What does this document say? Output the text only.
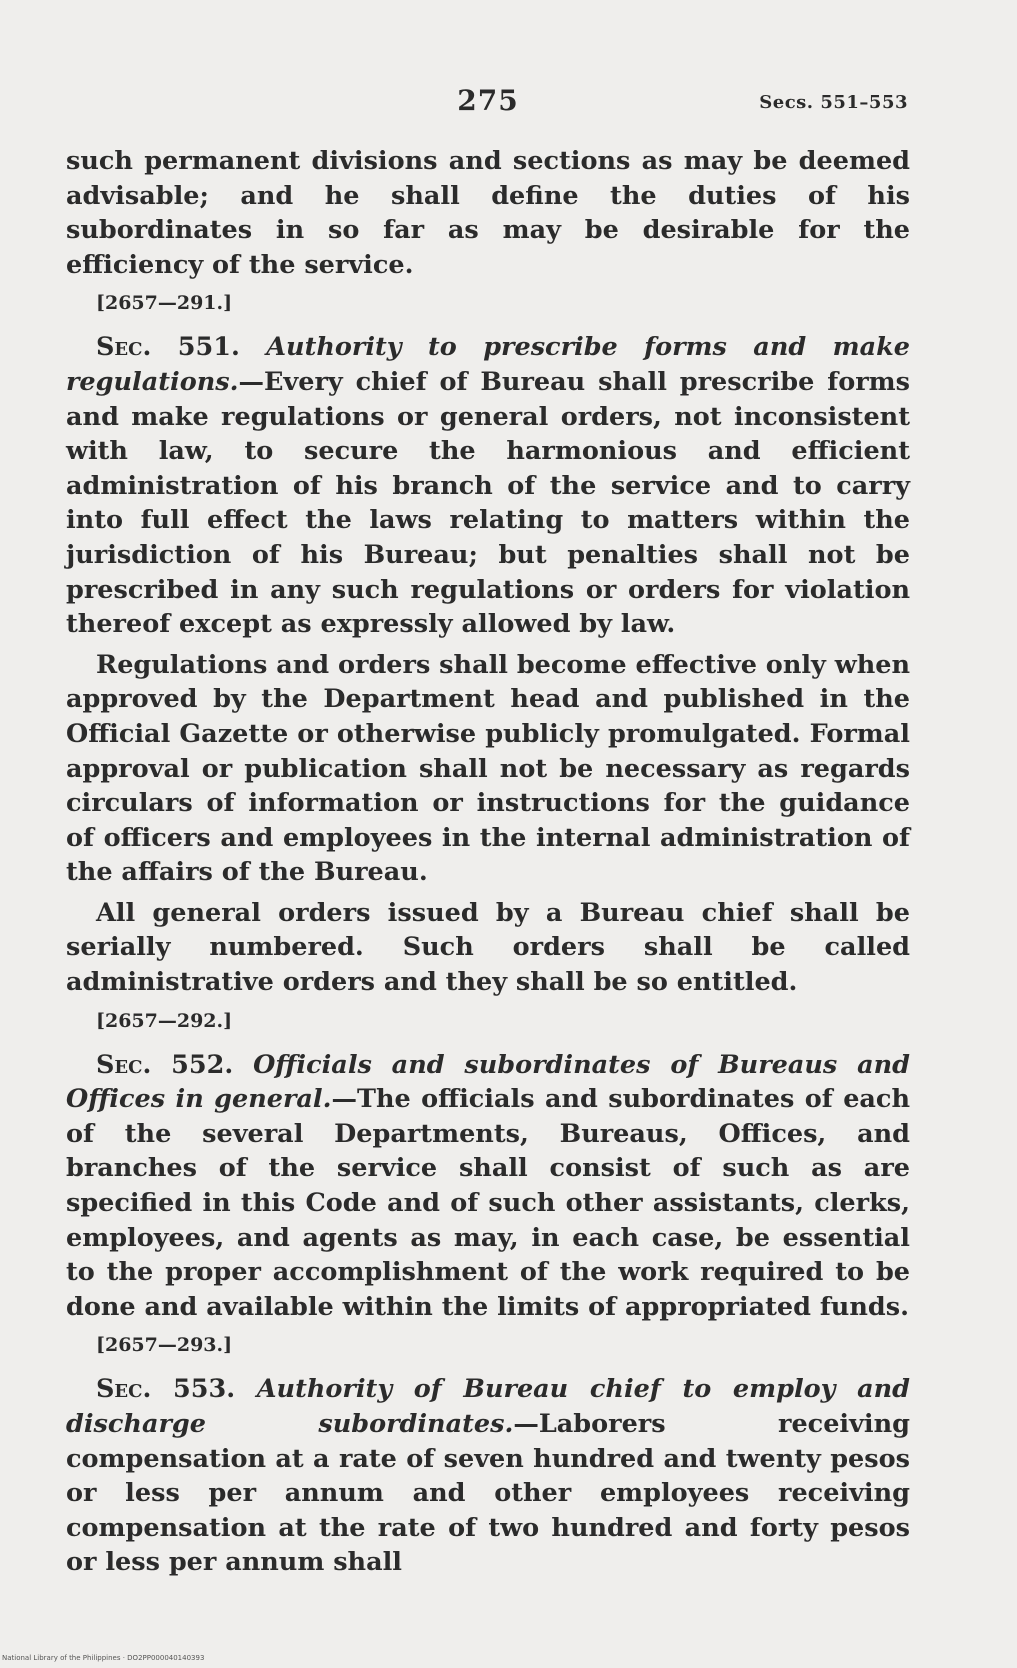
275	Secs. 551–553

such permanent divisions and sections as may be deemed advisable; and he shall define the duties of his subordinates in so far as may be desirable for the efficiency of the service.

[2657—291.]

Sec. 551. Authority to prescribe forms and make regulations.—Every chief of Bureau shall prescribe forms and make regulations or general orders, not inconsistent with law, to secure the harmonious and efficient administration of his branch of the service and to carry into full effect the laws relating to matters within the jurisdiction of his Bureau; but penalties shall not be prescribed in any such regulations or orders for violation thereof except as expressly allowed by law.

Regulations and orders shall become effective only when approved by the Department head and published in the Official Gazette or otherwise publicly promulgated. Formal approval or publication shall not be necessary as regards circulars of information or instructions for the guidance of officers and employees in the internal administration of the affairs of the Bureau.

All general orders issued by a Bureau chief shall be serially numbered. Such orders shall be called administrative orders and they shall be so entitled.

[2657—292.]

Sec. 552. Officials and subordinates of Bureaus and Offices in general.—The officials and subordinates of each of the several Departments, Bureaus, Offices, and branches of the service shall consist of such as are specified in this Code and of such other assistants, clerks, employees, and agents as may, in each case, be essential to the proper accomplishment of the work required to be done and available within the limits of appropriated funds.

[2657—293.]

Sec. 553. Authority of Bureau chief to employ and discharge subordinates.—Laborers receiving compensation at a rate of seven hundred and twenty pesos or less per annum and other employees receiving compensation at the rate of two hundred and forty pesos or less per annum shall

National Library of the Philippines · DO2PP000040140393
